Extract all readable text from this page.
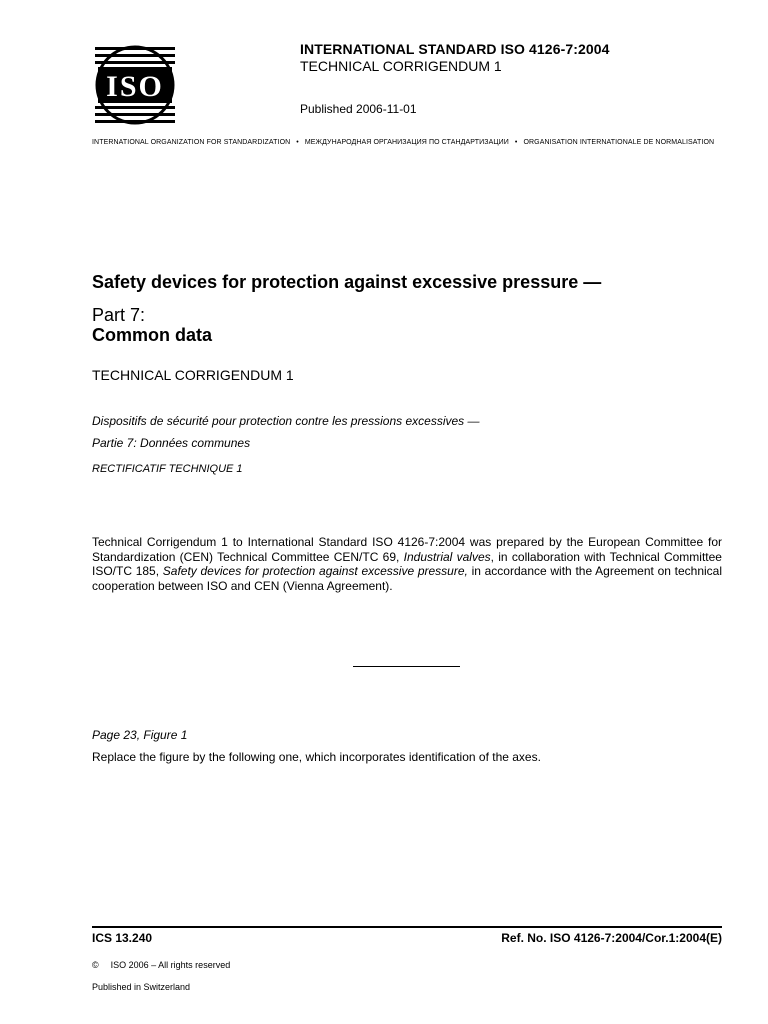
ISO
INTERNATIONAL STANDARD ISO 4126-7:2004
TECHNICAL CORRIGENDUM 1
Published 2006-11-01
INTERNATIONAL ORGANIZATION FOR STANDARDIZATION • МЕЖДУНАРОДНАЯ ОРГАНИЗАЦИЯ ПО СТАНДАРТИЗАЦИИ • ORGANISATION INTERNATIONALE DE NORMALISATION
Safety devices for protection against excessive pressure —
Part 7:
Common data
TECHNICAL CORRIGENDUM 1
Dispositifs de sécurité pour protection contre les pressions excessives —
Partie 7: Données communes
RECTIFICATIF TECHNIQUE 1
Technical Corrigendum 1 to International Standard ISO 4126-7:2004 was prepared by the European Committee for Standardization (CEN) Technical Committee CEN/TC 69, Industrial valves, in collaboration with Technical Committee ISO/TC 185, Safety devices for protection against excessive pressure, in accordance with the Agreement on technical cooperation between ISO and CEN (Vienna Agreement).
Page 23, Figure 1
Replace the figure by the following one, which incorporates identification of the axes.
ICS 13.240	Ref. No. ISO 4126-7:2004/Cor.1:2004(E)
© ISO 2006 – All rights reserved
Published in Switzerland
